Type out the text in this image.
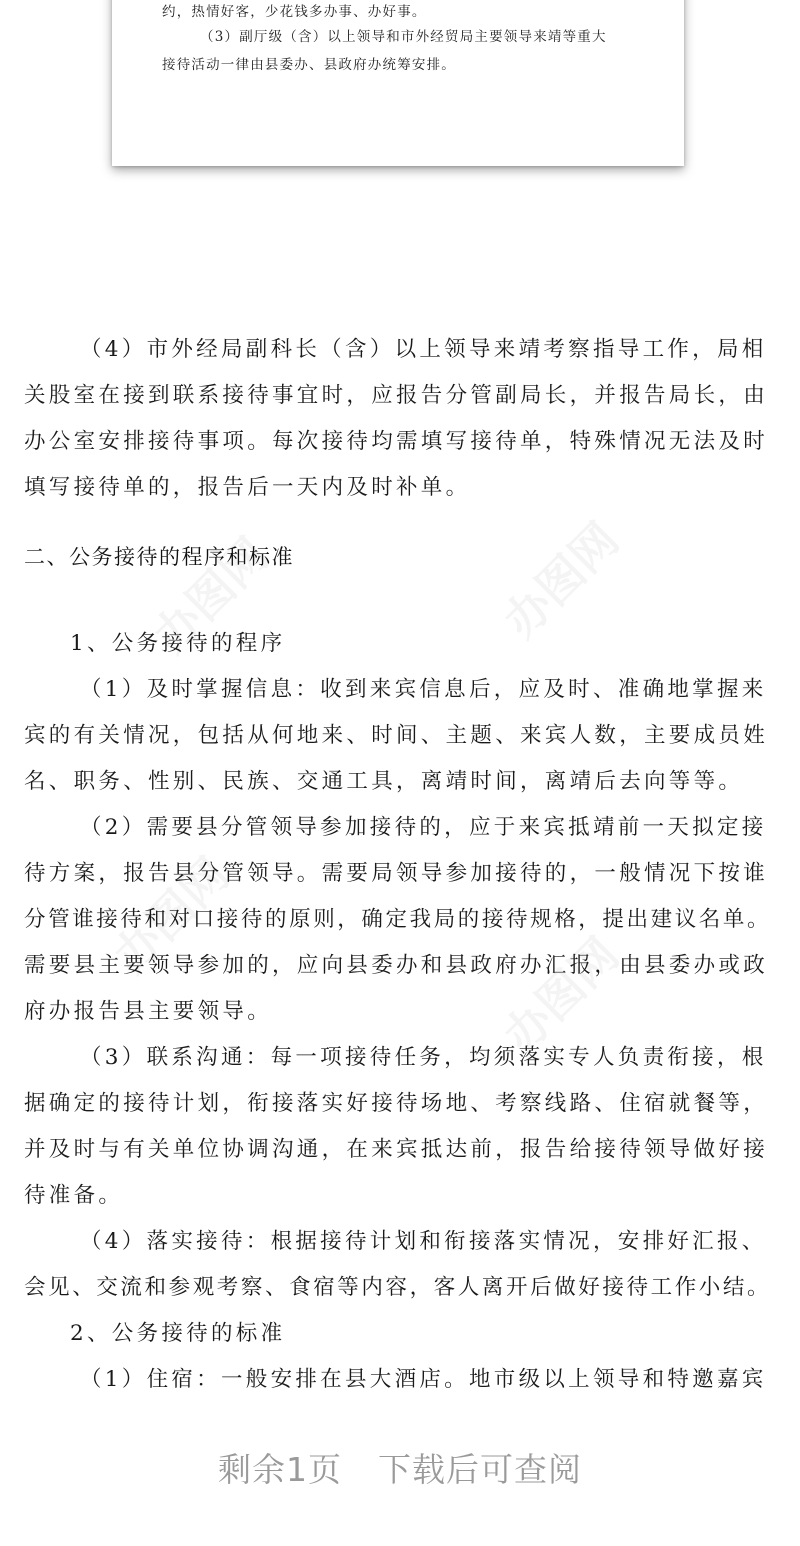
约，热情好客，少花钱多办事、办好事。
（3）副厅级（含）以上领导和市外经贸局主要领导来靖等重大
接待活动一律由县委办、县政府办统筹安排。
（4）市外经局副科长（含）以上领导来靖考察指导工作，局相
关股室在接到联系接待事宜时，应报告分管副局长，并报告局长，由
办公室安排接待事项。每次接待均需填写接待单，特殊情况无法及时
填写接待单的，报告后一天内及时补单。
二、公务接待的程序和标准
1、公务接待的程序
（1）及时掌握信息：收到来宾信息后，应及时、准确地掌握来
宾的有关情况，包括从何地来、时间、主题、来宾人数，主要成员姓
名、职务、性别、民族、交通工具，离靖时间，离靖后去向等等。
（2）需要县分管领导参加接待的，应于来宾抵靖前一天拟定接
待方案，报告县分管领导。需要局领导参加接待的，一般情况下按谁
分管谁接待和对口接待的原则，确定我局的接待规格，提出建议名单。
需要县主要领导参加的，应向县委办和县政府办汇报，由县委办或政
府办报告县主要领导。
（3）联系沟通：每一项接待任务，均须落实专人负责衔接，根
据确定的接待计划，衔接落实好接待场地、考察线路、住宿就餐等，
并及时与有关单位协调沟通，在来宾抵达前，报告给接待领导做好接
待准备。
（4）落实接待：根据接待计划和衔接落实情况，安排好汇报、
会见、交流和参观考察、食宿等内容，客人离开后做好接待工作小结。
2、公务接待的标准
（1）住宿：一般安排在县大酒店。地市级以上领导和特邀嘉宾
剩余1页 下载后可查阅
